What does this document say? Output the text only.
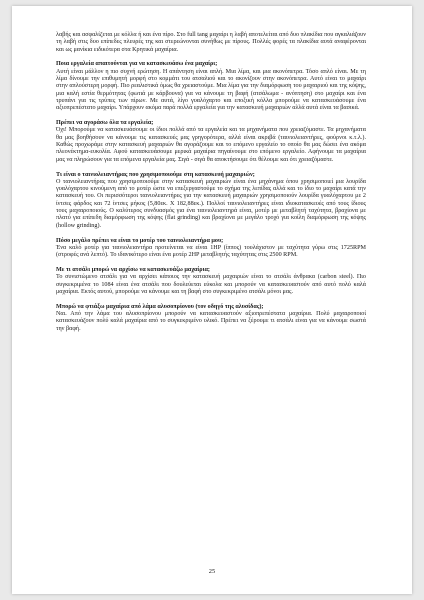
λαβής και ασφαλίζεται με κόλλα ή και ένα πίρο. Στο full tang μαχαίρι η λαβή αποτελείται από δυο πλακίδια που αγκαλιάζουν τη λαβή στις δυο επίπεδες πλευρές της και στερεώνονται συνήθως με πίρους. Πολλές φορές τα πλακίδια αυτά αναφέρονται και ως μανίκια ειδικότερα στα Κρητικά μαχαίρια.

Ποια εργαλεία απαιτούνται για να κατασκευάσω ένα μαχαίρι;

Αυτή είναι μάλλον η πιο συχνή ερώτηση. Η απάντηση είναι απλή. Μια λίμα, και μια ακονόπετρα. Τόσο απλό είναι. Με τη λίμα δίνουμε την επιθυμητή μορφή στο κομμάτι του ατσαλιού και το ακονίζουν στην ακονόπετρα. Αυτό είναι το μαχαίρι στην απλούστερη μορφή. Πιο ρεαλιστικά όμως θα χρειαστούμε. Μια λίμα για την διαμόρφωση του μαχαιριού και της κόψης, μια καλή εστία θερμότητας (φωτιά με κάρβουνα) για να κάνουμε τη βαφή (ατσάλωμα - ανόπτηση) στο μαχαίρι και ένα τρυπάνι για τις τρύπες των πίρων. Με αυτά, λίγο γυαλόχαρτο και εποξική κόλλα μπορούμε να κατασκευάσουμε ένα αξιοπρεπέστατο μαχαίρι. Υπάρχουν ακόμα παρά πολλά εργαλεία για την κατασκευή μαχαιριών αλλά αυτά είναι τα βασικά.

Πρέπει να αγοράσω όλα τα εργαλεία;

Όχι! Μπορούμε να κατασκευάσουμε οι ίδιοι πολλά από τα εργαλεία και τα μηχανήματα που χρειαζόμαστε. Τα μηχανήματα θα μας βοηθήσουν να κάνουμε τις κατασκευές μας γρηγορότερα, αλλά είναι ακριβά (ταινιολειαντήρες, φούρνοι κ.τ.λ.). Καθώς προχωράμε στην κατασκευή μαχαιριών θα αγοράζουμε και το επόμενο εργαλείο το οποίο θα μας δώσει ένα ακόμα πλεονέκτημα-ευκολία. Αφού κατασκευάσουμε μερικά μαχαίρια πηγαίνουμε στο επόμενο εργαλείο. Αφήνουμε τα μαχαίρια μας να πληρώσουν για τα επόμενα εργαλεία μας. Σιγά - σιγά θα αποκτήσουμε ότι θέλουμε και ότι χρειαζόμαστε.

Τι είναι ο ταινιολειαντήρας που χρησιμοποιούμε στη κατασκευή μαχαιριών;

Ο ταινιολειαντήρας που χρησιμοποιούμε στην κατασκευή μαχαιριών είναι ένα μηχάνημα όπου χρησιμοποιεί μια λουρίδα γυαλόχαρτου κινούμενη από το μοτέρ ώστε να επεξεργαστούμε το σχήμα της λεπίδας αλλά και το ίδιο το μαχαίρι κατά την κατασκευή του. Οι περισσότεροι ταινιολειαντήρες για την κατασκευή μαχαιριών χρησιμοποιούν λουρίδα γυαλόχαρτου με 2 ίντσες φάρδος και 72 ίντσες μήκος (5,80εκ. Χ 182,88εκ.). Πολλοί ταινιολειαντήρες είναι ιδιοκατασκευές από τους ίδιους τους μαχαιροποιούς. Ο καλύτερος συνδυασμός για ένα ταινιολειαντηρά είναι, μοτέρ με μεταβλητή ταχύτητα, βραχίονα με πλατύ για επίπεδη διαμόρφωση της κόψης (flat grinding) και βραχίονα με μεγάλο τροχό για κοίλη διαμόρφωση της κόψης (hollow grinding).

Πόσο μεγάλο πρέπει να είναι το μοτέρ του ταινιολειαντήρα μου;

Ένα καλό μοτέρ για ταινιολειαντήρα προτείνεται να είναι 1HP (ίππος) τουλάχιστον με ταχύτητα γύρω στις 1725RPM (στροφές ανά λεπτό). Το ιδανικότερο είναι ένα μοτέρ 2HP μεταβλητής ταχύτητας στις 2500 RPM.

Με τι ατσάλι μπορώ να αρχίσω να κατασκευάζω μαχαίρια;

Το συνιστώμενο ατσάλι για να αρχίσει κάποιος την κατασκευή μαχαιριών είναι το ατσάλι άνθρακα (carbon steel). Πιο συγκεκριμένα το 1084 είναι ένα ατσάλι που δουλεύεται εύκολα και μπορούν να κατασκευαστούν από αυτό πολύ καλά μαχαίρια. Εκτός αυτού, μπορούμε να κάνουμε και τη βαφή στο συγκεκριμένο ατσάλι μόνοι μας.

Μπορώ να φτιάξω μαχαίρια από λάμα αλυσοπρίονου (τον οδηγό της αλυσίδας);

Ναι. Από την λάμα του αλυσοπρίονου μπορούν να κατασκευαστούν αξιοπρεπέστατα μαχαίρια. Πολύ μαχαιροποιοί κατασκευάζουν πολύ καλά μαχαίρια από το συγκεκριμένο υλικό. Πρέπει να ξέρουμε τι ατσάλι είναι για να κάνουμε σωστά την βαφή.

25
